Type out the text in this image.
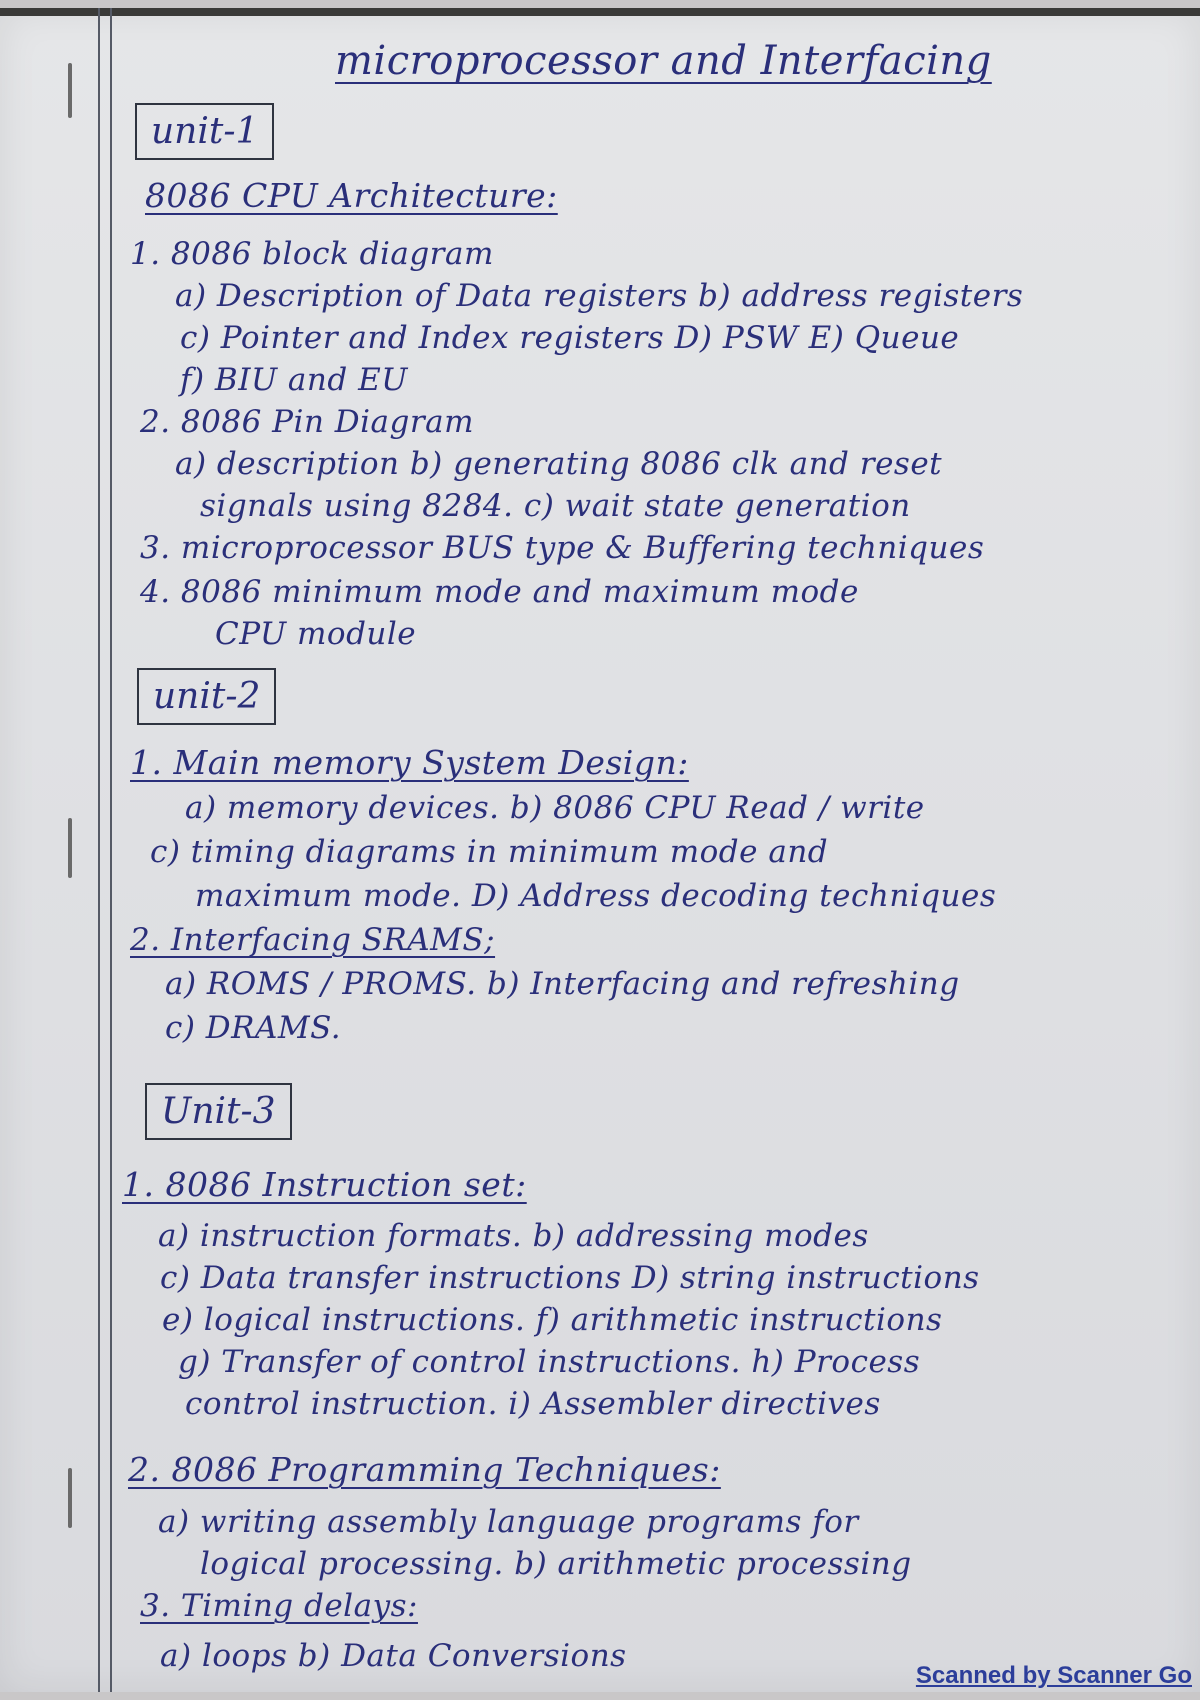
microprocessor and Interfacing
unit-1
8086 CPU Architecture:
1. 8086 block diagram
a) Description of Data registers b) address registers
c) Pointer and Index registers D) PSW E) Queue
f) BIU and EU
2. 8086 Pin Diagram
a) description b) generating 8086 clk and reset
signals using 8284. c) wait state generation
3. microprocessor BUS type & Buffering techniques
4. 8086 minimum mode and maximum mode
CPU module
unit-2
1. Main memory System Design:
a) memory devices. b) 8086 CPU Read / write
c) timing diagrams in minimum mode and
maximum mode. D) Address decoding techniques
2. Interfacing SRAMS;
a) ROMS / PROMS. b) Interfacing and refreshing
c) DRAMS.
Unit-3
1. 8086 Instruction set:
a) instruction formats. b) addressing modes
c) Data transfer instructions D) string instructions
e) logical instructions. f) arithmetic instructions
g) Transfer of control instructions. h) Process
control instruction. i) Assembler directives
2. 8086 Programming Techniques:
a) writing assembly language programs for
logical processing. b) arithmetic processing
3. Timing delays:
a) loops b) Data Conversions
Scanned by Scanner Go
